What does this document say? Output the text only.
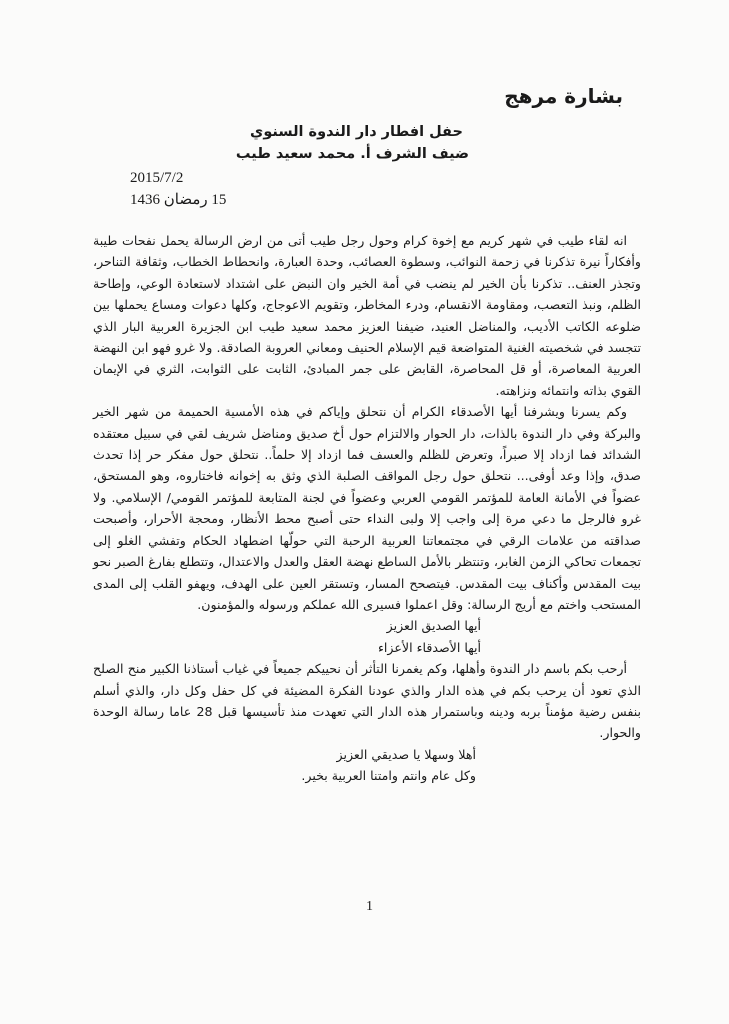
بشارة مرهج
حفل افطار دار الندوة السنوي
ضيف الشرف أ. محمد سعيد طيب
2015/7/2
15 رمضان 1436

انه لقاء طيب في شهر كريم مع إخوة كرام وحول رجل طيب أتى من ارض الرسالة يحمل نفحات طيبة وأفكاراً نيرة تذكرنا في زحمة النوائب، وسطوة العصائب، وحدة العبارة، وانحطاط الخطاب، وثقافة التناحر، وتجذر العنف.. تذكرنا بأن الخير لم ينضب في أمة الخير وان النبض على اشتداد لاستعادة الوعي، وإطاحة الظلم، ونبذ التعصب، ومقاومة الانقسام، ودرء المخاطر، وتقويم الاعوجاج، وكلها دعوات ومساع يحملها بين ضلوعه الكاتب الأديب، والمناضل العنيد، ضيفنا العزيز محمد سعيد طيب ابن الجزيرة العربية البار الذي تتجسد في شخصيته الغنية المتواضعة قيم الإسلام الحنيف ومعاني العروبة الصادقة. ولا غرو فهو ابن النهضة العربية المعاصرة، أو قل المحاصرة، القابض على جمر المبادئ، الثابت على الثوابت، الثري في الإيمان القوي بذاته وانتمائه ونزاهته.

وكم يسرنا ويشرفنا أيها الأصدقاء الكرام أن نتحلق وإياكم في هذه الأمسية الحميمة من شهر الخير والبركة وفي دار الندوة بالذات، دار الحوار والالتزام حول أخ صديق ومناضل شريف لقي في سبيل معتقده الشدائد فما ازداد إلا صبراً، وتعرض للظلم والعسف فما ازداد إلا حلماً.. نتحلق حول مفكر حر إذا تحدث صدق، وإذا وعد أوفى... نتحلق حول رجل المواقف الصلبة الذي وثق به إخوانه فاختاروه، وهو المستحق، عضواً في الأمانة العامة للمؤتمر القومي العربي وعضواً في لجنة المتابعة للمؤتمر القومي/ الإسلامي. ولا غرو فالرجل ما دعي مرة إلى واجب إلا ولبى النداء حتى أصبح محط الأنظار، ومحجة الأحرار، وأصبحت صداقته من علامات الرقي في مجتمعاتنا العربية الرحبة التي حولّها اضطهاد الحكام وتفشي الغلو إلى تجمعات تحاكي الزمن الغابر، وتنتظر بالأمل الساطع نهضة العقل والعدل والاعتدال، وتتطلع بفارغ الصبر نحو بيت المقدس وأكناف بيت المقدس. فيتصحح المسار، وتستقر العين على الهدف، ويهفو القلب إلى المدى المستحب واختم مع أريج الرسالة: وقل اعملوا فسيرى الله عملكم ورسوله والمؤمنون.

أيها الصديق العزيز

أيها الأصدقاء الأعزاء

أرحب بكم باسم دار الندوة وأهلها، وكم يغمرنا التأثر أن نحييكم جميعاً في غياب أستاذنا الكبير منح الصلح الذي تعود أن يرحب بكم في هذه الدار والذي عودنا الفكرة المضيئة في كل حفل وكل دار، والذي أسلم بنفس رضية مؤمناً بربه ودينه وباستمرار هذه الدار التي تعهدت منذ تأسيسها قبل 28 عاما رسالة الوحدة والحوار.

أهلا وسهلا يا صديقي العزيز

وكل عام وانتم وامتنا العربية بخير.

1
